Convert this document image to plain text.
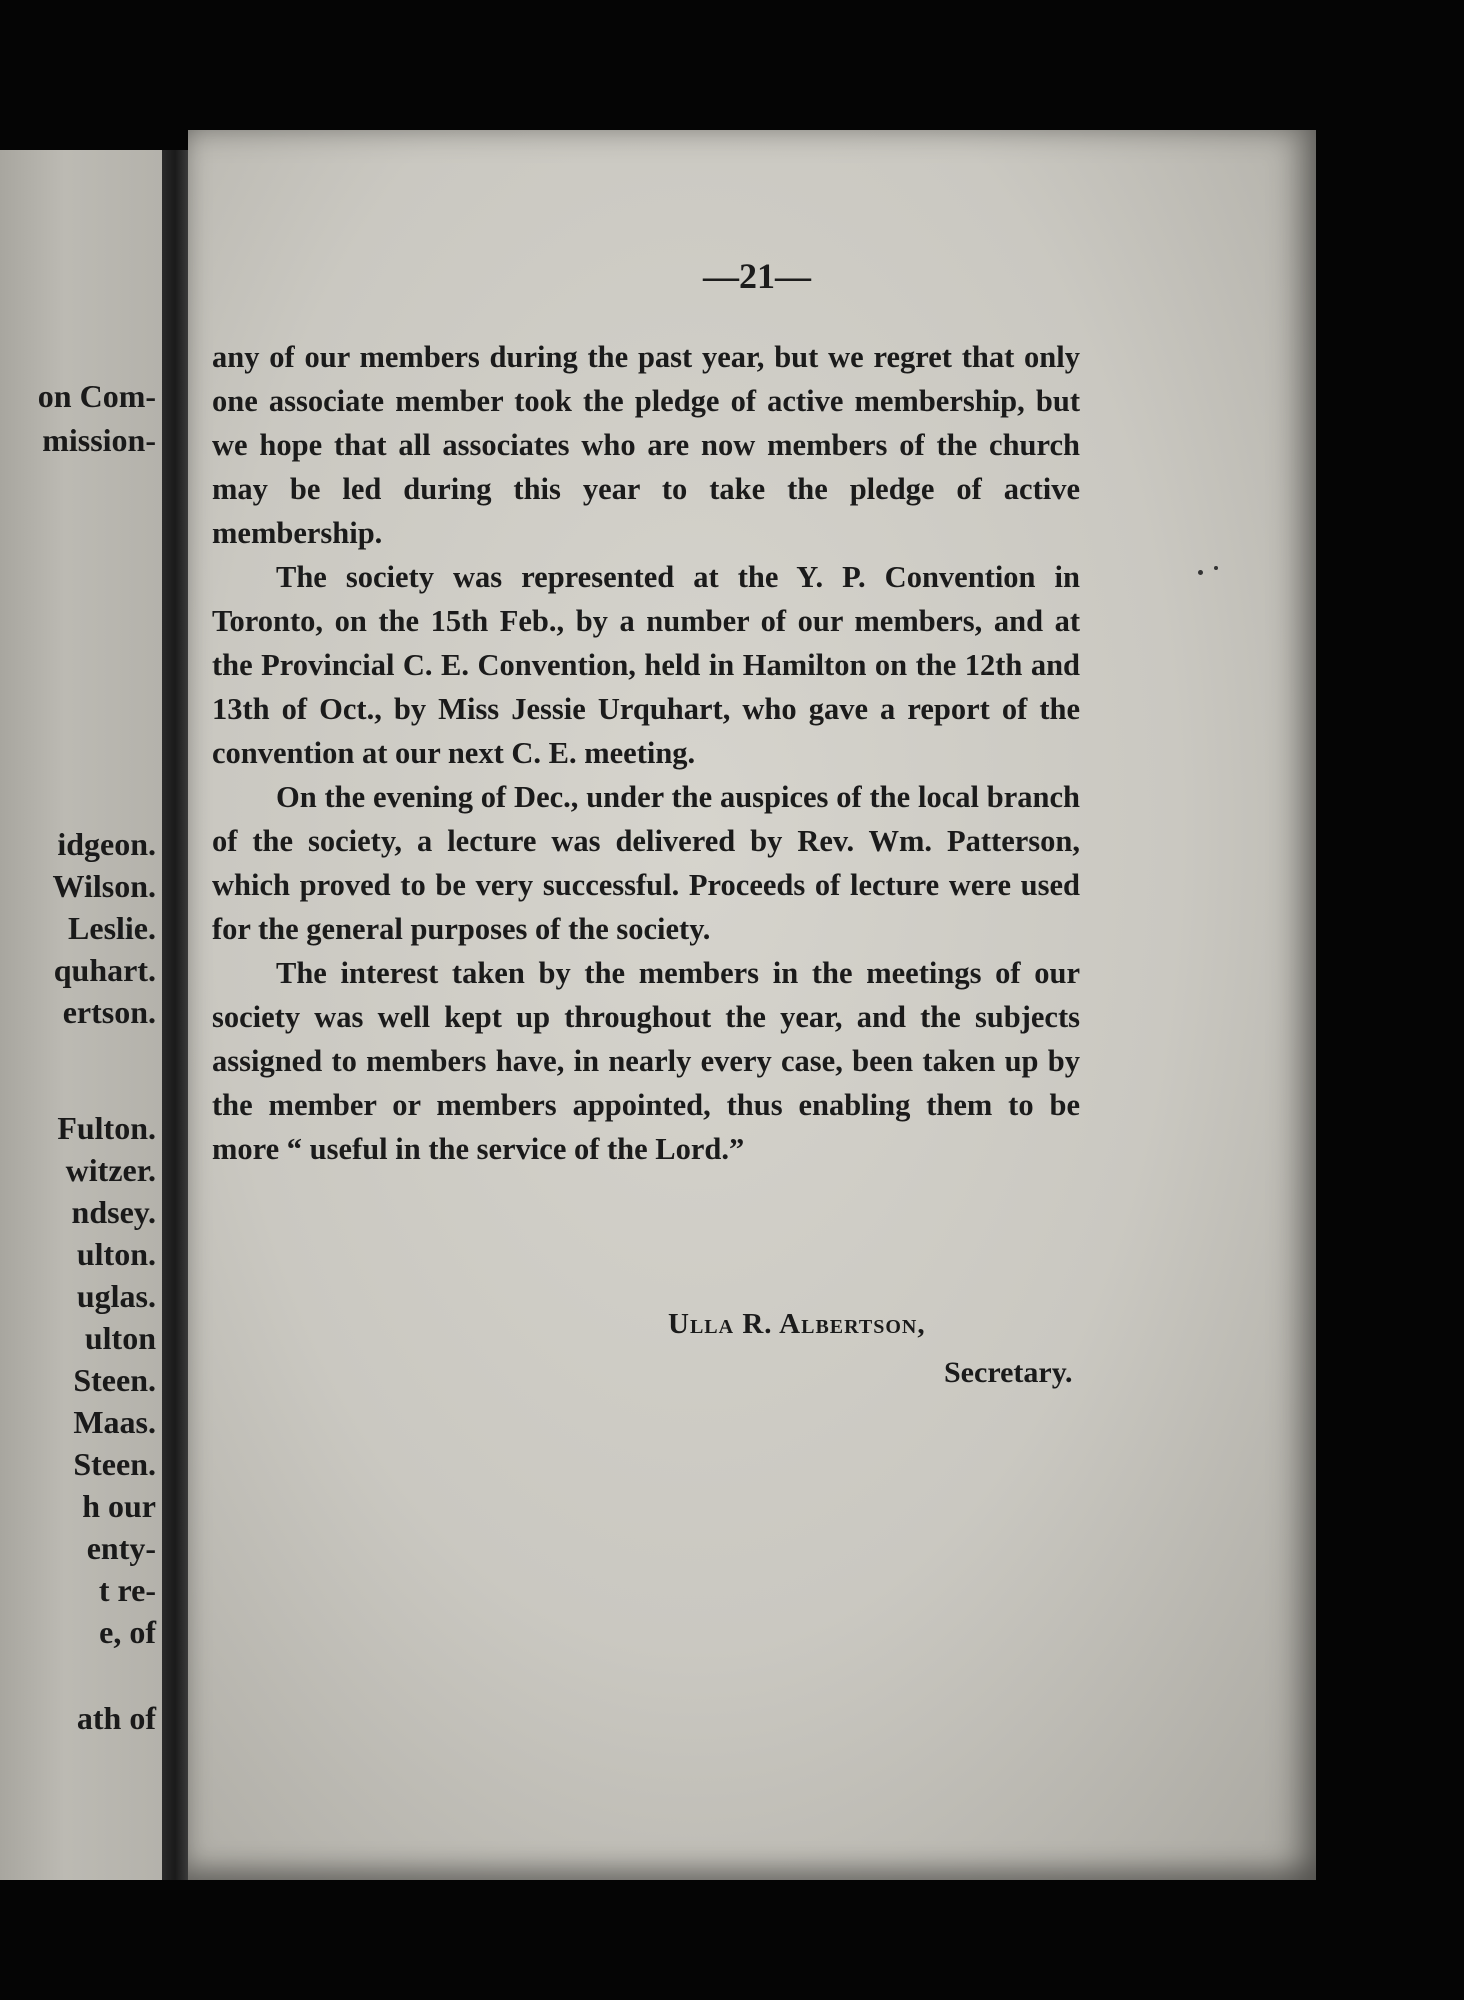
on Com-
mission-
idgeon.
Wilson.
Leslie.
quhart.
ertson.
Fulton.
witzer.
ndsey.
ulton.
uglas.
ulton
Steen.
Maas.
Steen.
h our
enty-
t re-
e, of
ath of
—21—

any of our members during the past year, but we regret that only one associate member took the pledge of active membership, but we hope that all associates who are now members of the church may be led during this year to take the pledge of active membership.

The society was represented at the Y. P. Convention in Toronto, on the 15th Feb., by a number of our members, and at the Provincial C. E. Convention, held in Hamilton on the 12th and 13th of Oct., by Miss Jessie Urquhart, who gave a report of the convention at our next C. E. meeting.

On the evening of Dec., under the auspices of the local branch of the society, a lecture was delivered by Rev. Wm. Patterson, which proved to be very successful. Proceeds of lecture were used for the general purposes of the society.

The interest taken by the members in the meetings of our society was well kept up throughout the year, and the subjects assigned to members have, in nearly every case, been taken up by the member or members appointed, thus enabling them to be more “ useful in the service of the Lord.”

Ulla R. Albertson,
Secretary.
